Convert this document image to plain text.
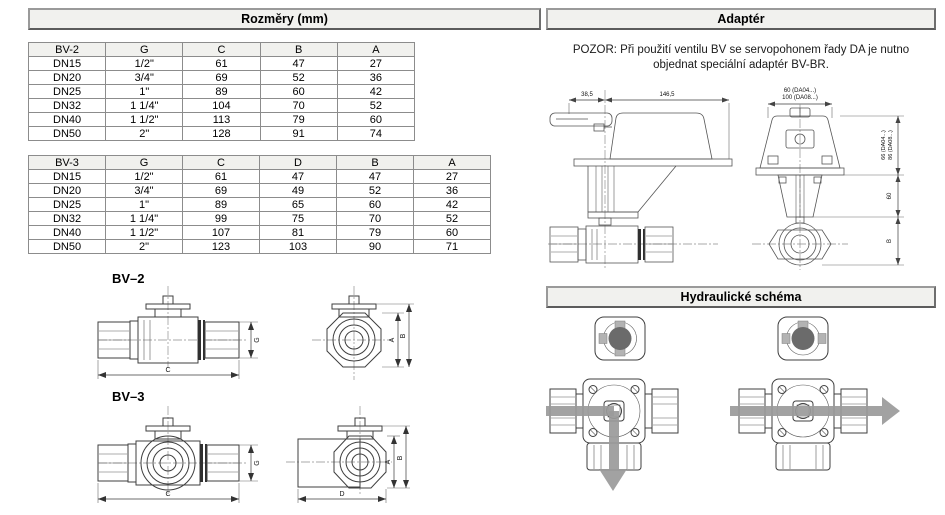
Rozměry (mm)	Adaptér
Hydraulické schéma
POZOR: Při použití ventilu BV se servopohonem řady DA je nutno
objednat speciální adaptér BV-BR.
BV-2	G	C	B	A
DN15	1/2"	61	47	27
DN20	3/4"	69	52	36
DN25	1"	89	60	42
DN32	1 1/4"	104	70	52
DN40	1 1/2"	113	79	60
DN50	2"	128	91	74
BV-3	G	C	D	B	A
DN15	1/2"	61	47	47	27
DN20	3/4"	69	49	52	36
DN25	1"	89	65	60	42
DN32	1 1/4"	99	75	70	52
DN40	1 1/2"	107	81	79	60
DN50	2"	123	103	90	71
BV–2
BV–3
G
C
A
B
G
C	D
A
B
38,5	146,5
60 (DA04...)
100 (DA08...)
66 (DA04...) 86 (DA08...)
60
B
